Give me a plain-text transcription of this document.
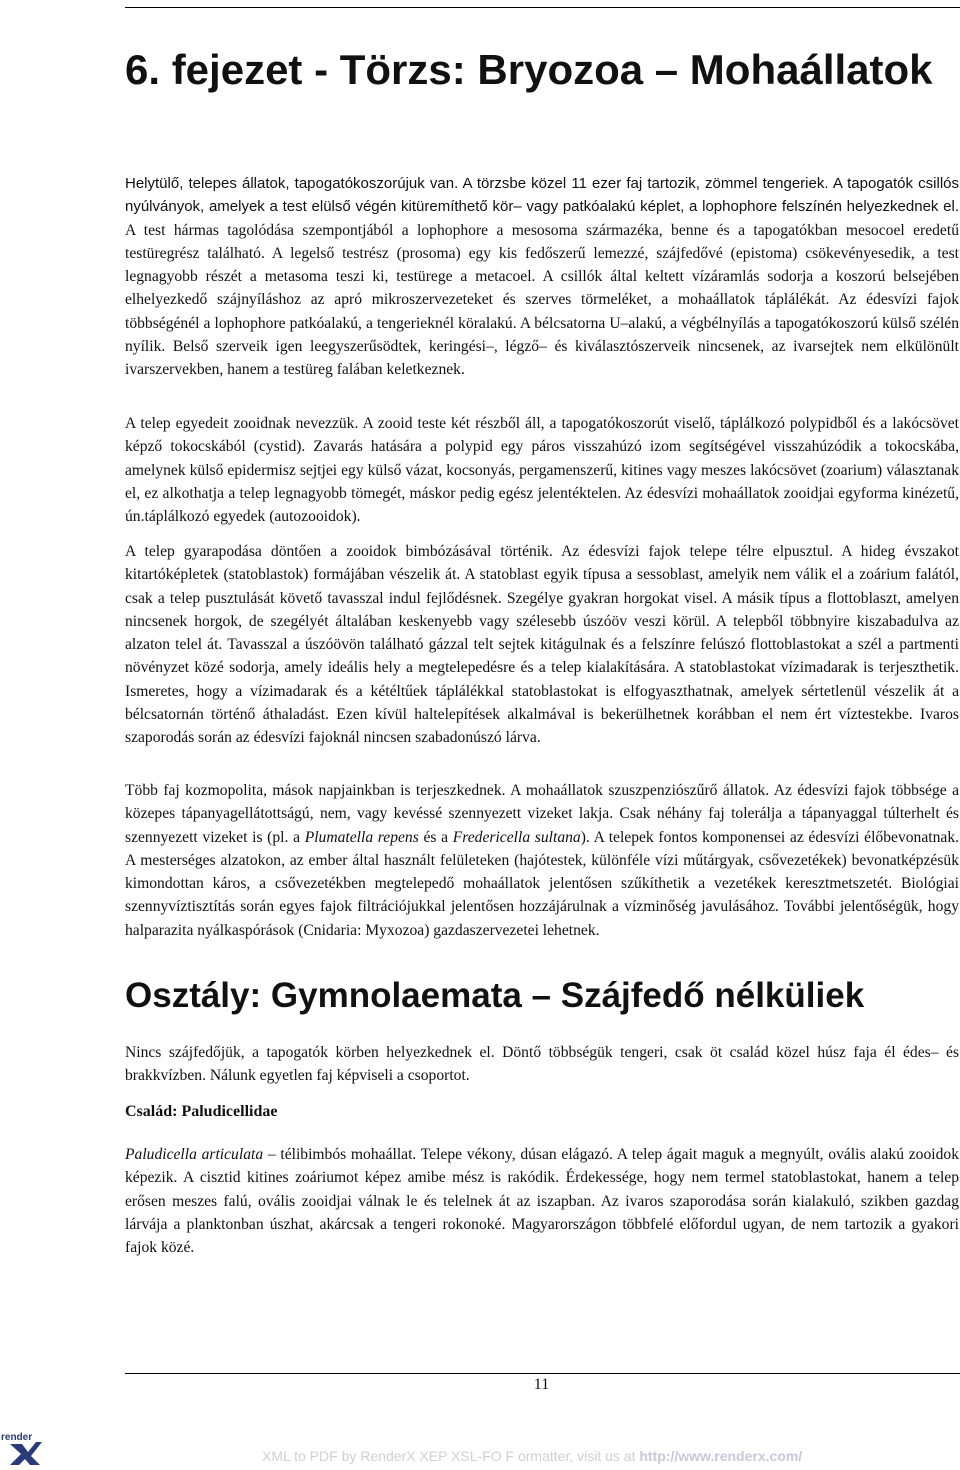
6. fejezet - Törzs: Bryozoa – Mohaállatok

Helytülő, telepes állatok, tapogatókoszorújuk van. A törzsbe közel 11 ezer faj tartozik, zömmel tengeriek. A tapogatók csillós nyúlványok, amelyek a test elülső végén kitüremíthető kör– vagy patkóalakú képlet, a lophophore felszínén helyezkednek el. A test hármas tagolódása szempontjából a lophophore a mesosoma származéka, benne és a tapogatókban mesocoel eredetű testüregrész található. A legelső testrész (prosoma) egy kis fedőszerű lemezzé, szájfedővé (epistoma) csökevényesedik, a test legnagyobb részét a metasoma teszi ki, testürege a metacoel. A csillók által keltett vízáramlás sodorja a koszorú belsejében elhelyezkedő szájnyíláshoz az apró mikroszervezeteket és szerves törmeléket, a mohaállatok táplálékát. Az édesvízi fajok többségénél a lophophore patkóalakú, a tengerieknél köralakú. A bélcsatorna U–alakú, a végbélnyílás a tapogatókoszorú külső szélén nyílik. Belső szerveik igen leegyszerűsödtek, keringési–, légző– és kiválasztószerveik nincsenek, az ivarsejtek nem elkülönült ivarszervekben, hanem a testüreg falában keletkeznek.

A telep egyedeit zooidnak nevezzük. A zooid teste két részből áll, a tapogatókoszorút viselő, táplálkozó polypidből és a lakócsövet képző tokocskából (cystid). Zavarás hatására a polypid egy páros visszahúzó izom segítségével visszahúzódik a tokocskába, amelynek külső epidermisz sejtjei egy külső vázat, kocsonyás, pergamenszerű, kitines vagy meszes lakócsövet (zoarium) választanak el, ez alkothatja a telep legnagyobb tömegét, máskor pedig egész jelentéktelen. Az édesvízi mohaállatok zooidjai egyforma kinézetű, ún.táplálkozó egyedek (autozooidok).

A telep gyarapodása döntően a zooidok bimbózásával történik. Az édesvízi fajok telepe télre elpusztul. A hideg évszakot kitartóképletek (statoblastok) formájában vészelik át. A statoblast egyik típusa a sessoblast, amelyik nem válik el a zoárium falától, csak a telep pusztulását követő tavasszal indul fejlődésnek. Szegélye gyakran horgokat visel. A másik típus a flottoblaszt, amelyen nincsenek horgok, de szegélyét általában keskenyebb vagy szélesebb úszóöv veszi körül. A telepből többnyire kiszabadulva az alzaton telel át. Tavasszal a úszóövön található gázzal telt sejtek kitágulnak és a felszínre felúszó flottoblastokat a szél a partmenti növényzet közé sodorja, amely ideális hely a megtelepedésre és a telep kialakítására. A statoblastokat vízimadarak is terjeszthetik. Ismeretes, hogy a vízimadarak és a kétéltűek táplálékkal statoblastokat is elfogyaszthatnak, amelyek sértetlenül vészelik át a bélcsatornán történő áthaladást. Ezen kívül haltelepítések alkalmával is bekerülhetnek korábban el nem ért víztestekbe. Ivaros szaporodás során az édesvízi fajoknál nincsen szabadonúszó lárva.

Több faj kozmopolita, mások napjainkban is terjeszkednek. A mohaállatok szuszpenziószűrő állatok. Az édesvízi fajok többsége a közepes tápanyagellátottságú, nem, vagy kevéssé szennyezett vizeket lakja. Csak néhány faj tolerálja a tápanyaggal túlterhelt és szennyezett vizeket is (pl. a Plumatella repens és a Fredericella sultana). A telepek fontos komponensei az édesvízi élőbevonatnak. A mesterséges alzatokon, az ember által használt felületeken (hajótestek, különféle vízi műtárgyak, csővezetékek) bevonatképzésük kimondottan káros, a csővezetékben megtelepedő mohaállatok jelentősen szűkíthetik a vezetékek keresztmetszetét. Biológiai szennyvíztisztítás során egyes fajok filtrációjukkal jelentősen hozzájárulnak a vízminőség javulásához. További jelentőségük, hogy halparazita nyálkaspórások (Cnidaria: Myxozoa) gazdaszervezetei lehetnek.

Osztály: Gymnolaemata – Szájfedő nélküliek

Nincs szájfedőjük, a tapogatók körben helyezkednek el. Döntő többségük tengeri, csak öt család közel húsz faja él édes– és brakkvízben. Nálunk egyetlen faj képviseli a csoportot.

Család: Paludicellidae

Paludicella articulata – télibimbós mohaállat. Telepe vékony, dúsan elágazó. A telep ágait maguk a megnyúlt, ovális alakú zooidok képezik. A cisztid kitines zoáriumot képez amibe mész is rakódik. Érdekessége, hogy nem termel statoblastokat, hanem a telep erősen meszes falú, ovális zooidjai válnak le és telelnek át az iszapban. Az ivaros szaporodása során kialakuló, szikben gazdag lárvája a planktonban úszhat, akárcsak a tengeri rokonoké. Magyarországon többfelé előfordul ugyan, de nem tartozik a gyakori fajok közé.

11
render
XML to PDF by RenderX XEP XSL-FO F ormatter, visit us at http://www.renderx.com/
